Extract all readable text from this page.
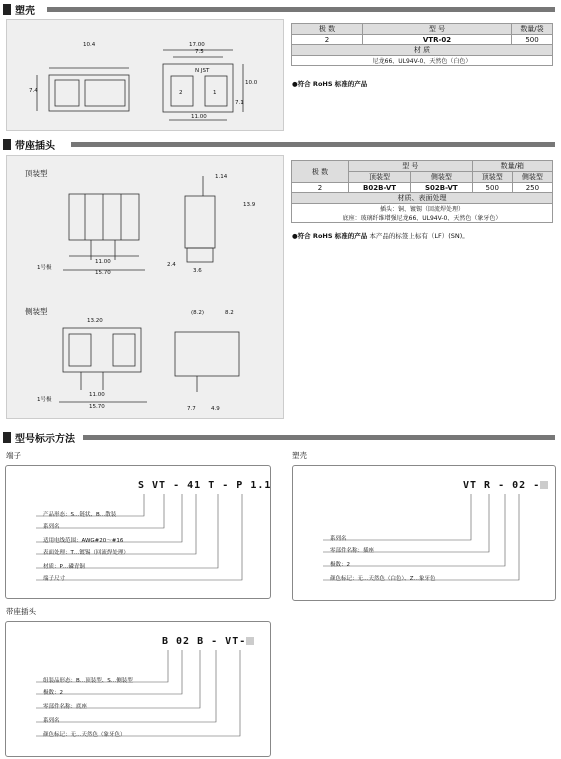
塑壳
10.4
7.4
17.00
7.5
N JST
10.0
7.1
11.00
2	1
极 数	型 号	数量/袋
2	VTR-02	500
材 质		
尼龙66、UL94V-0、天然色（白色）		
●符合 RoHS 标准的产品
带座插头
顶装型
侧装型
1号极
1号极
11.00
15.70
1.14
2.4
3.6
13.9
13.20
11.00
15.70
(8.2)	8.2
7.7	4.9
极 数	型 号		数量/箱	
	顶装型	侧装型	顶装型	侧装型
2	B02B-VT	S02B-VT	500	250
材质、表面处理				
插头：铜、镀锡（回流焊处理）				
底座：玻璃纤维增强尼龙66、UL94V-0、天然色（象牙色）				
●符合 RoHS 标准的产品 本产品的标签上标有（LF）(SN)。
型号标示方法
端子
S VT - 41 T - P 1.1
产品形态：S…链状、B…散装
系列名
适用电线范围：AWG#20～#16
表面处理：T…镀锡（回流焊处理）
材质：P…磷青铜
端子尺寸
塑壳
VT R - 02 -
系列名
零部件名称：插座
极数：2
颜色标记：无…天然色（白色）、Z…象牙色
带座插头
B 02 B - VT-
组装品形态：B…顶装型、S…侧装型
极数：2
零部件名称：底座
系列名
颜色标记：无…天然色（象牙色）
